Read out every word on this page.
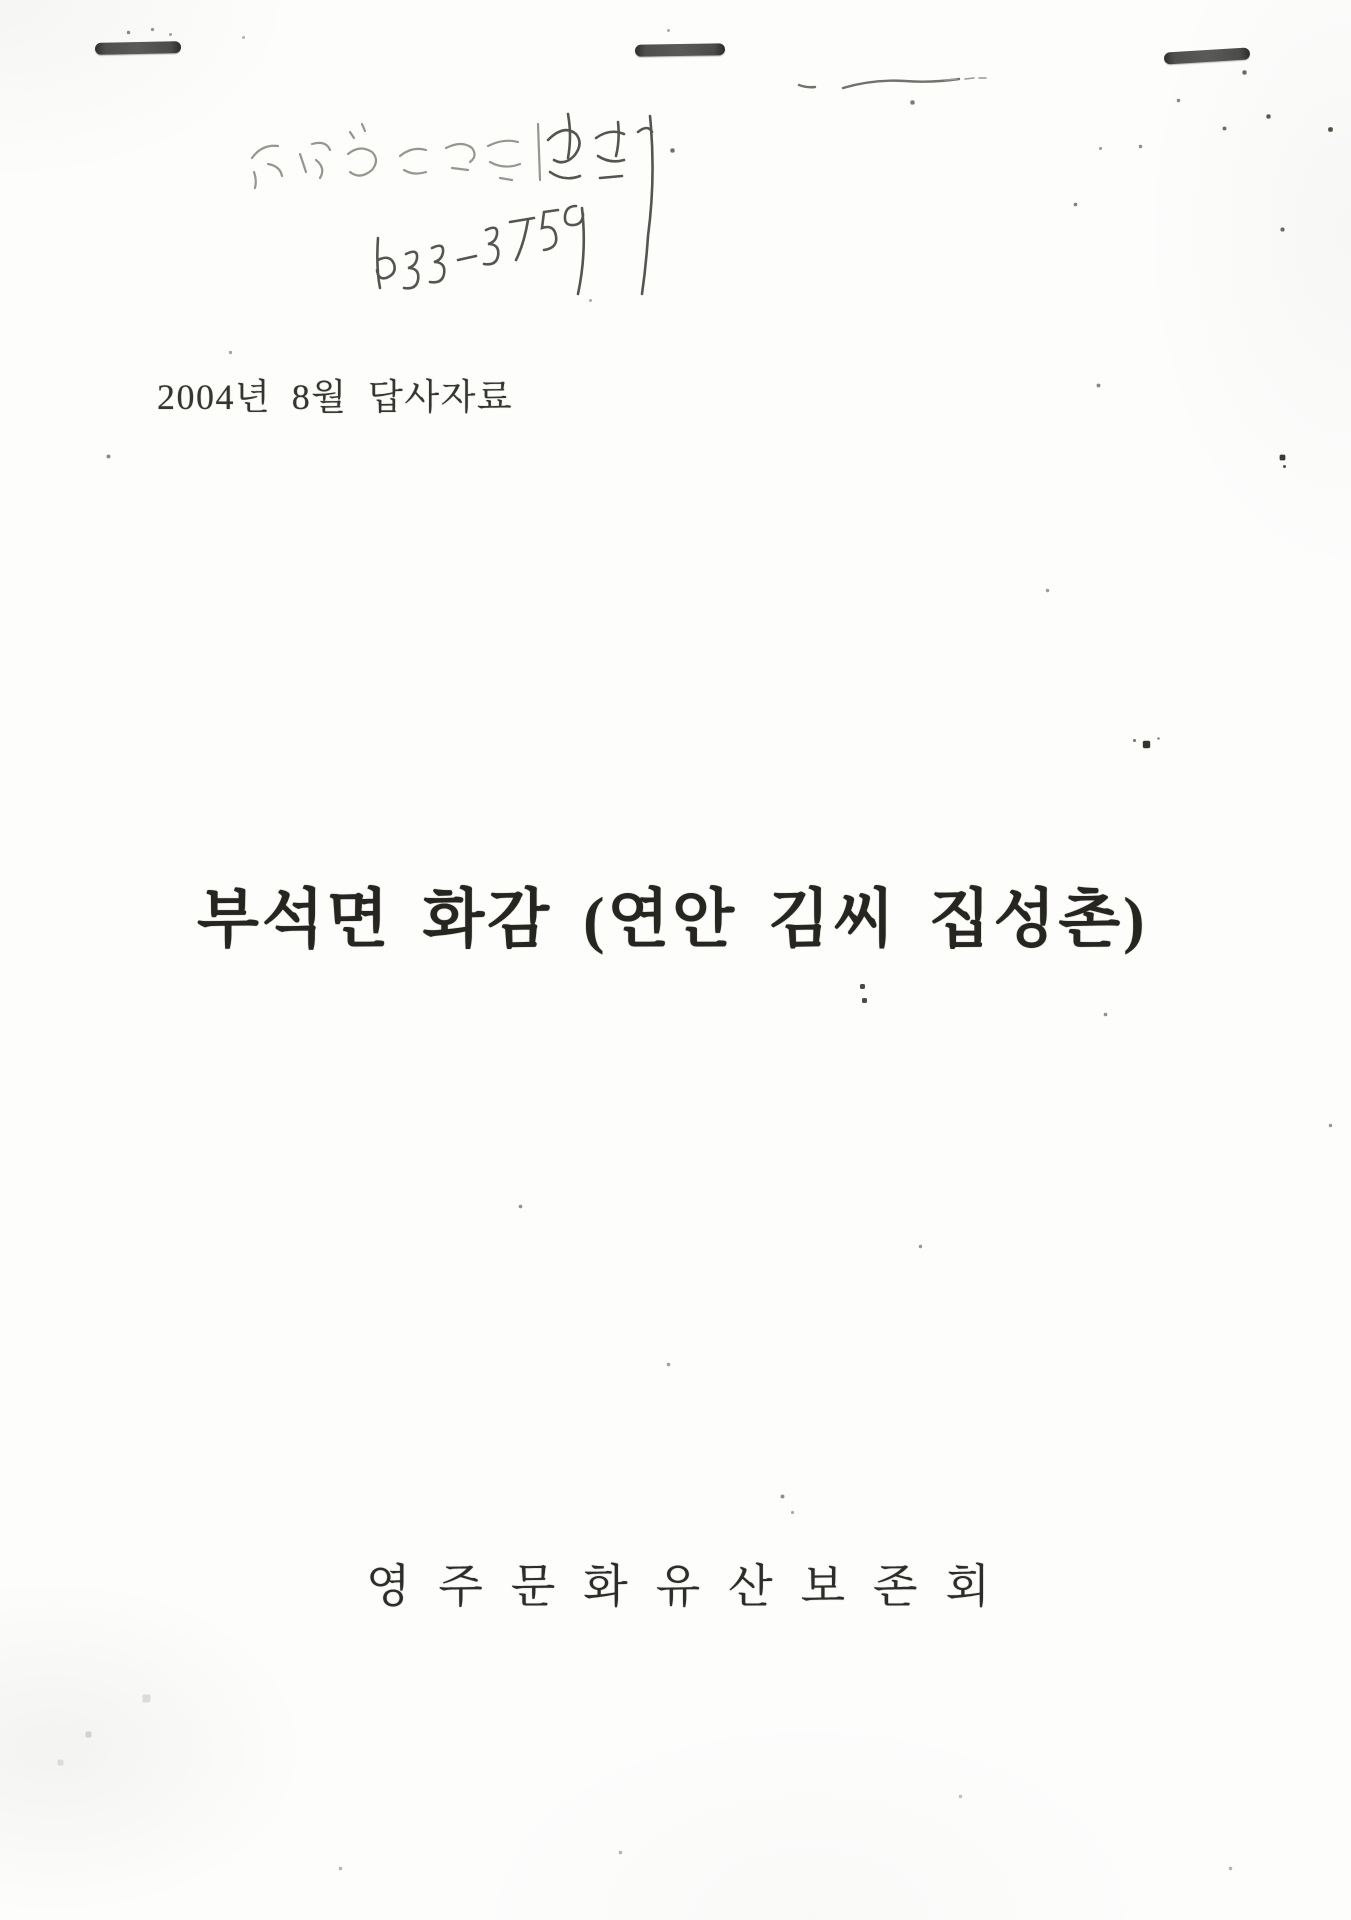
2004년 8월 답사자료
부석면 화감 (연안 김씨 집성촌)
영주문화유산보존회
